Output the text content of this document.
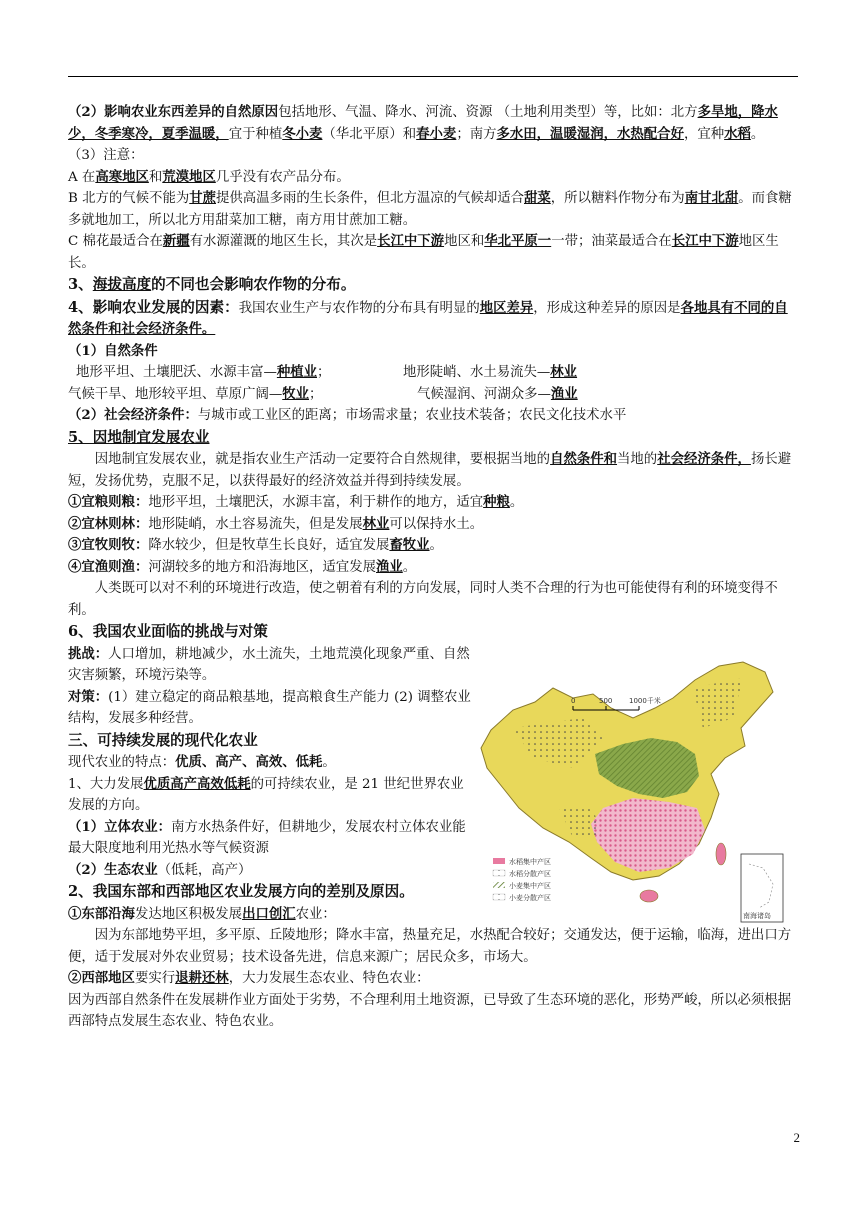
（2）影响农业东西差异的自然原因包括地形、气温、降水、河流、资源 （土地利用类型）等，比如：北方多旱地，降水少，冬季寒冷，夏季温暖，宜于种植冬小麦（华北平原）和春小麦；南方多水田，温暖湿润，水热配合好，宜种水稻。

（3）注意：

A 在高寒地区和荒漠地区几乎没有农产品分布。

B 北方的气候不能为甘蔗提供高温多雨的生长条件，但北方温凉的气候却适合甜菜，所以糖料作物分布为南甘北甜。而食糖多就地加工，所以北方用甜菜加工糖，南方用甘蔗加工糖。

C 棉花最适合在新疆有水源灌溉的地区生长，其次是长江中下游地区和华北平原一一带；油菜最适合在长江中下游地区生长。

3、海拔高度的不同也会影响农作物的分布。

4、影响农业发展的因素：我国农业生产与农作物的分布具有明显的地区差异，形成这种差异的原因是各地具有不同的自然条件和社会经济条件。

（1）自然条件

地形平坦、土壤肥沃、水源丰富—种植业；	地形陡峭、水土易流失—林业

气候干旱、地形较平坦、草原广阔—牧业；	气候湿润、河湖众多—渔业

（2）社会经济条件：与城市或工业区的距离；市场需求量；农业技术装备；农民文化技术水平

5、因地制宜发展农业

因地制宜发展农业，就是指农业生产活动一定要符合自然规律，要根据当地的自然条件和当地的社会经济条件，扬长避短，发扬优势，克服不足，以获得最好的经济效益并得到持续发展。

①宜粮则粮：地形平坦，土壤肥沃，水源丰富，利于耕作的地方，适宜种粮。

②宜林则林：地形陡峭，水土容易流失，但是发展林业可以保持水土。

③宜牧则牧：降水较少，但是牧草生长良好，适宜发展畜牧业。

④宜渔则渔：河湖较多的地方和沿海地区，适宜发展渔业。

人类既可以对不利的环境进行改造，使之朝着有利的方向发展，同时人类不合理的行为也可能使得有利的环境变得不利。

6、我国农业面临的挑战与对策

挑战：人口增加，耕地减少，水土流失，土地荒漠化现象严重、自然灾害频繁，环境污染等。

对策：(1）建立稳定的商品粮基地，提高粮食生产能力 (2) 调整农业结构，发展多种经营。

三、可持续发展的现代化农业

现代农业的特点：优质、高产、高效、低耗。

1、大力发展优质高产高效低耗的可持续农业，是 21 世纪世界农业发展的方向。

（1）立体农业：南方水热条件好，但耕地少，发展农村立体农业能最大限度地利用光热水等气候资源

（2）生态农业（低耗，高产）

2、我国东部和西部地区农业发展方向的差别及原因。

①东部沿海发达地区积极发展出口创汇农业：

因为东部地势平坦，多平原、丘陵地形；降水丰富，热量充足，水热配合较好；交通发达，便于运输，临海，进出口方便，适于发展对外农业贸易；技术设备先进，信息来源广；居民众多，市场大。

②西部地区要实行退耕还林，大力发展生态农业、特色农业：

因为西部自然条件在发展耕作业方面处于劣势，不合理利用土地资源，已导致了生态环境的恶化，形势严峻，所以必须根据西部特点发展生态农业、特色农业。

0	500 1000千米
水稻集中产区
水稻分散产区
小麦集中产区
小麦分散产区
南海诸岛
2
